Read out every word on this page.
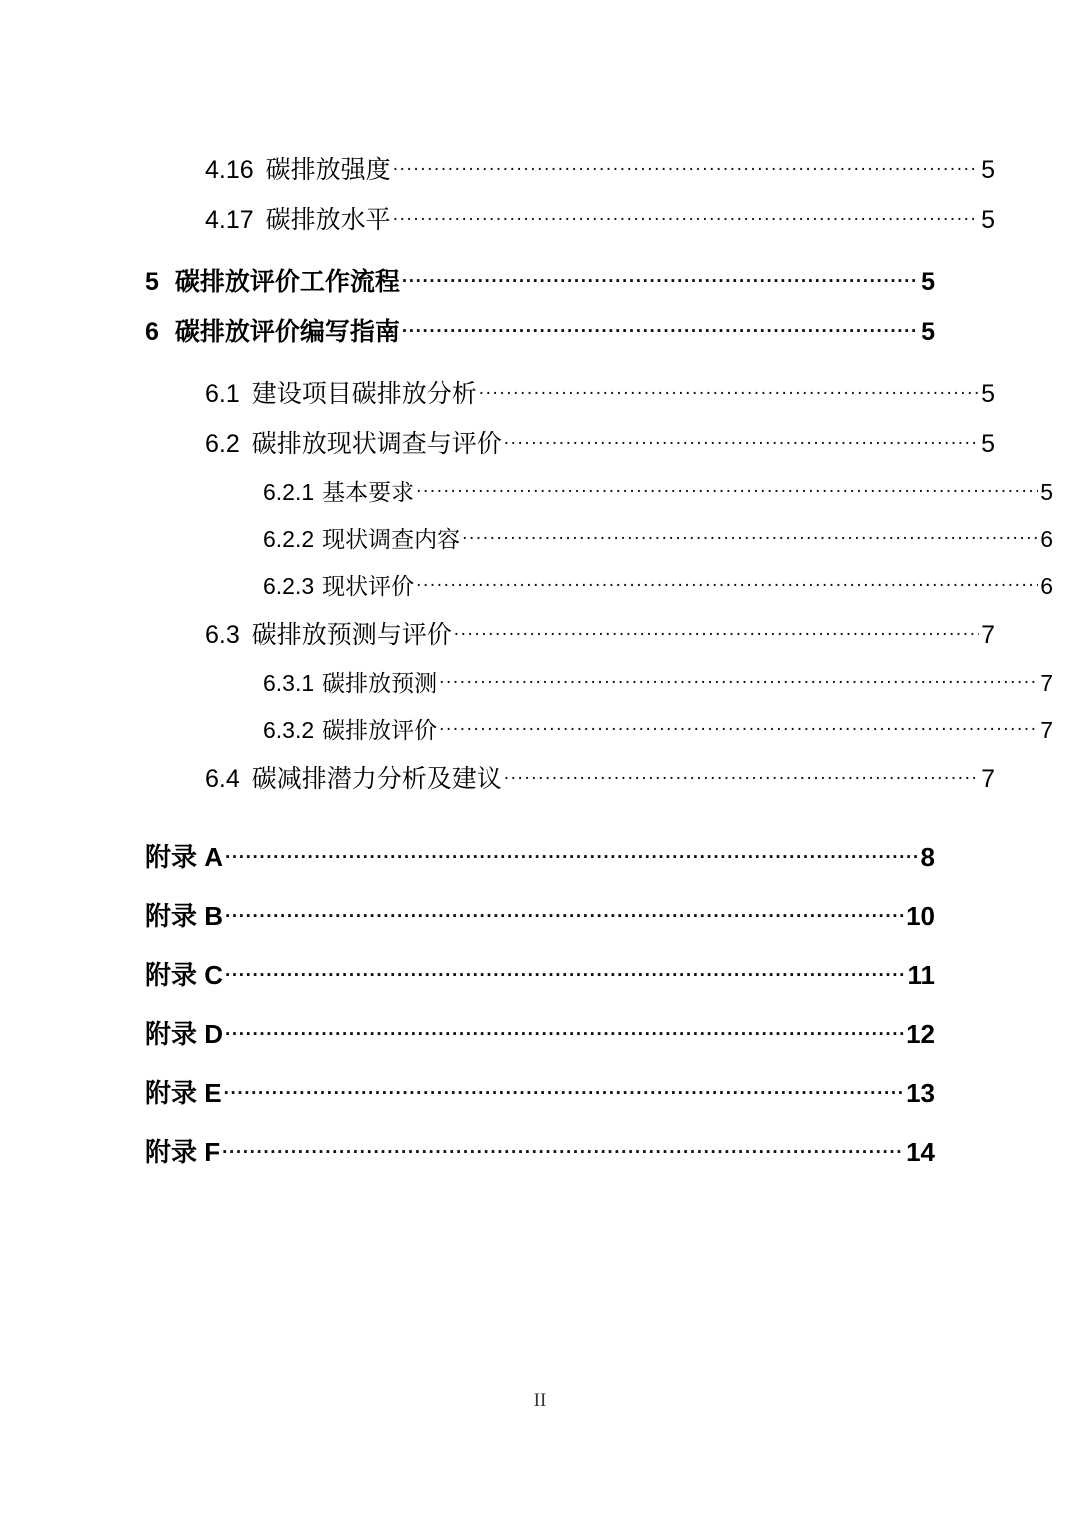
4.16 碳排放强度 .....	5
4.17 碳排放水平 .....	5
5 碳排放评价工作流程 .....	5
6 碳排放评价编写指南 .....	5
6.1 建设项目碳排放分析 .....	5
6.2 碳排放现状调查与评价 .....	5
6.2.1 基本要求 .....	5
6.2.2 现状调查内容 .....	6
6.2.3 现状评价 .....	6
6.3 碳排放预测与评价 .....	7
6.3.1 碳排放预测 .....	7
6.3.2 碳排放评价 .....	7
6.4 碳减排潜力分析及建议 .....	7
附录 A .....	8
附录 B .....	10
附录 C .....	11
附录 D .....	12
附录 E .....	13
附录 F .....	14
II
